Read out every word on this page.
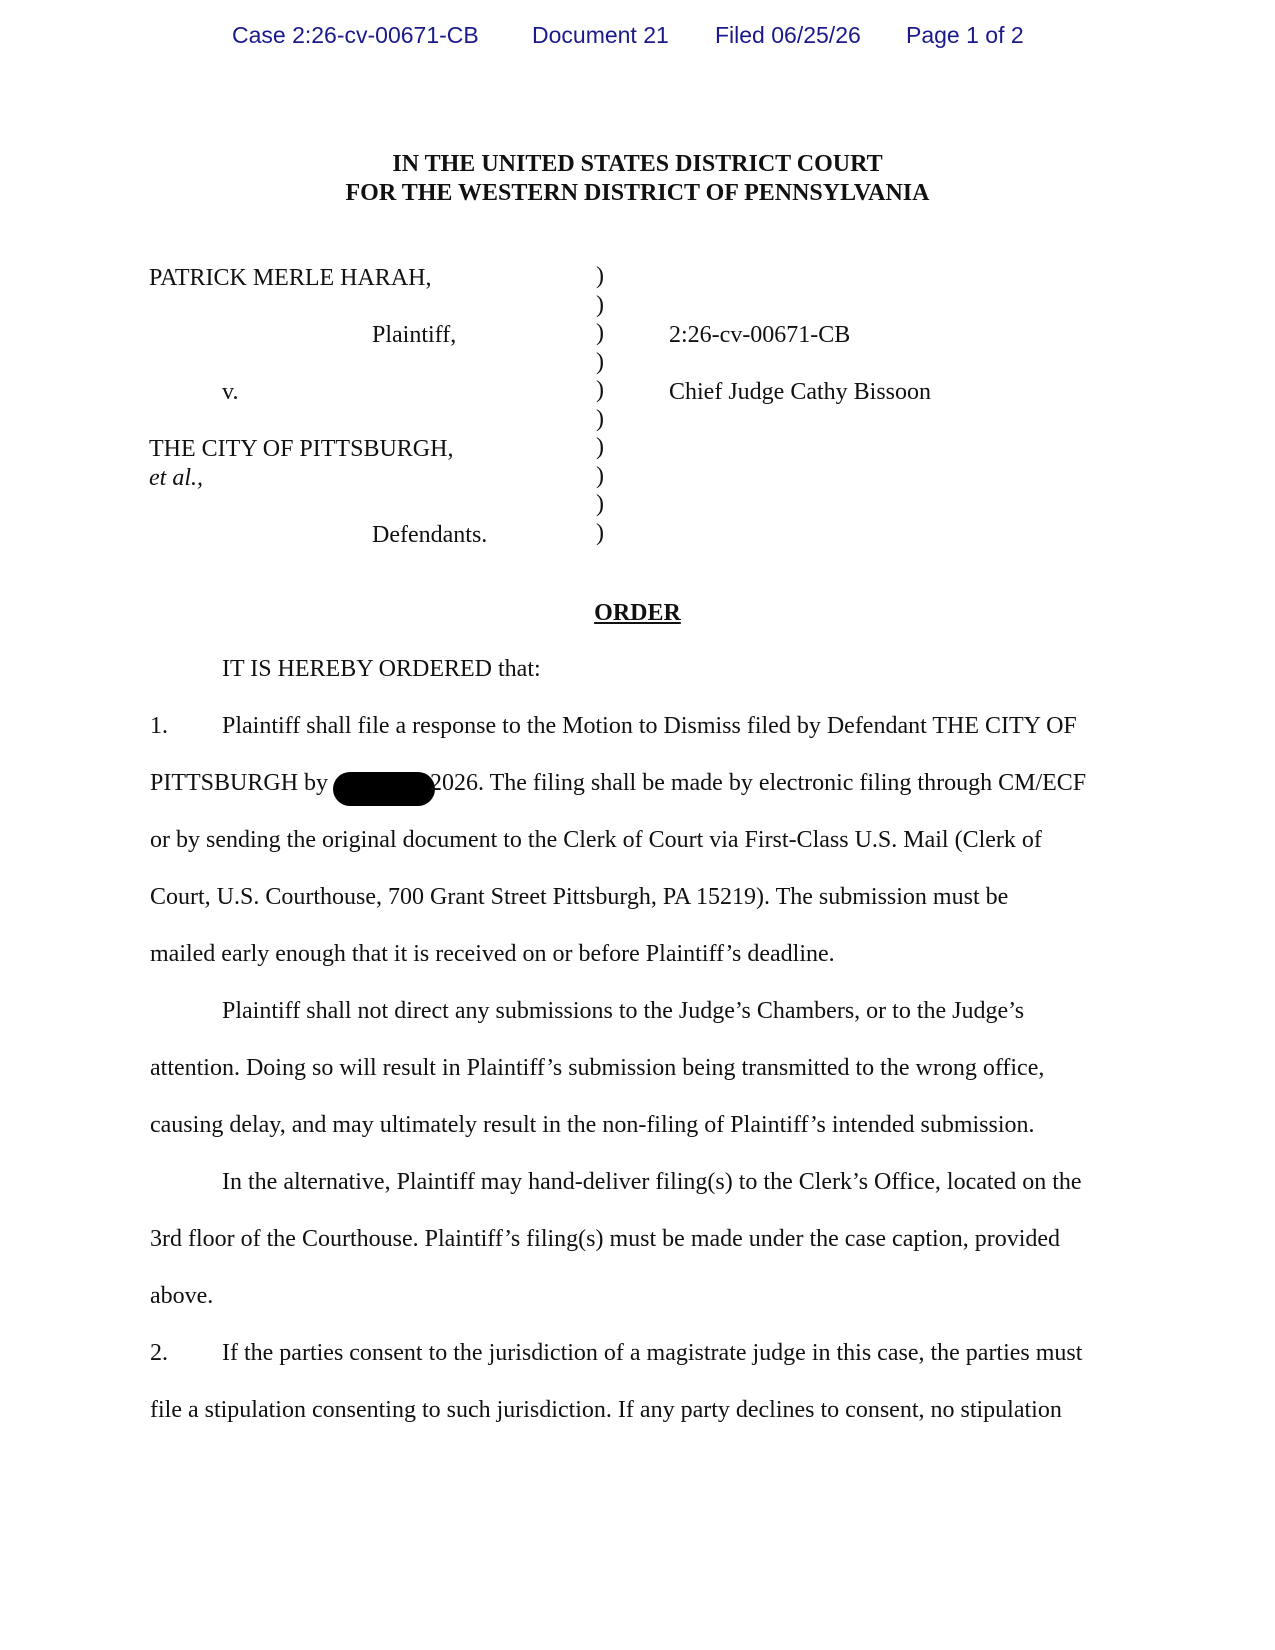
Case 2:26-cv-00671-CB Document 21 Filed 06/25/26 Page 1 of 2
IN THE UNITED STATES DISTRICT COURT
FOR THE WESTERN DISTRICT OF PENNSYLVANIA
PATRICK MERLE HARAH,
Plaintiff,
v.
THE CITY OF PITTSBURGH,
et al.,
Defendants.
)
)
)
)
)
)
)
)
)
)
2:26-cv-00671-CB
Chief Judge Cathy Bissoon
ORDER
IT IS HEREBY ORDERED that:
1. Plaintiff shall file a response to the Motion to Dismiss filed by Defendant THE CITY OF
PITTSBURGH by	2026. The filing shall be made by electronic filing through CM/ECF
or by sending the original document to the Clerk of Court via First-Class U.S. Mail (Clerk of
Court, U.S. Courthouse, 700 Grant Street Pittsburgh, PA 15219). The submission must be
mailed early enough that it is received on or before Plaintiff’s deadline.
Plaintiff shall not direct any submissions to the Judge’s Chambers, or to the Judge’s
attention. Doing so will result in Plaintiff’s submission being transmitted to the wrong office,
causing delay, and may ultimately result in the non-filing of Plaintiff’s intended submission.
In the alternative, Plaintiff may hand-deliver filing(s) to the Clerk’s Office, located on the
3rd floor of the Courthouse. Plaintiff’s filing(s) must be made under the case caption, provided
above.
2. If the parties consent to the jurisdiction of a magistrate judge in this case, the parties must
file a stipulation consenting to such jurisdiction. If any party declines to consent, no stipulation
